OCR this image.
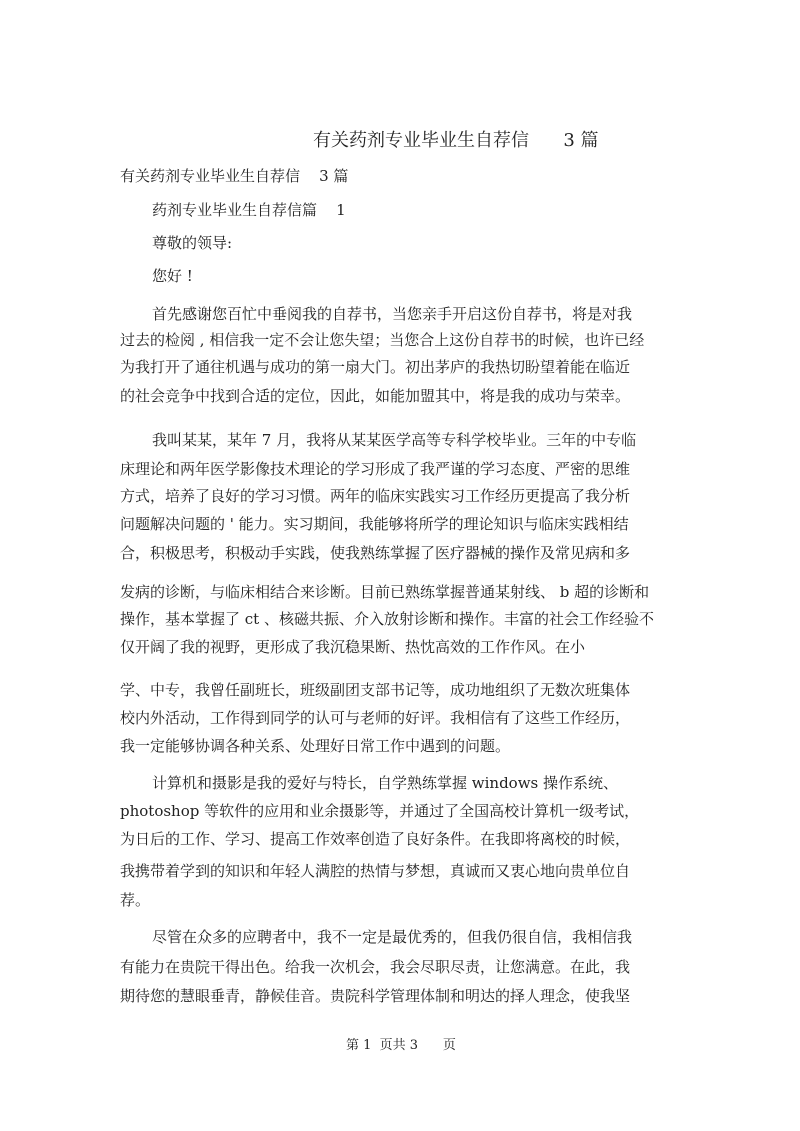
有关药剂专业毕业生自荐信      3 篇
有关药剂专业毕业生自荐信    3 篇
药剂专业毕业生自荐信篇    1
尊敬的领导:
您好 !
首先感谢您百忙中垂阅我的自荐书，当您亲手开启这份自荐书，将是对我
过去的检阅 , 相信我一定不会让您失望；当您合上这份自荐书的时候，也许已经
为我打开了通往机遇与成功的第一扇大门。初出茅庐的我热切盼望着能在临近
的社会竞争中找到合适的定位，因此，如能加盟其中，将是我的成功与荣幸。
我叫某某，某年 7 月，我将从某某医学高等专科学校毕业。三年的中专临
床理论和两年医学影像技术理论的学习形成了我严谨的学习态度、严密的思维
方式，培养了良好的学习习惯。两年的临床实践实习工作经历更提高了我分析
问题解决问题的 ' 能力。实习期间，我能够将所学的理论知识与临床实践相结
合，积极思考，积极动手实践，使我熟练掌握了医疗器械的操作及常见病和多
发病的诊断，与临床相结合来诊断。目前已熟练掌握普通某射线、 b 超的诊断和
操作，基本掌握了 ct 、核磁共振、介入放射诊断和操作。丰富的社会工作经验不
仅开阔了我的视野，更形成了我沉稳果断、热忱高效的工作作风。在小
学、中专，我曾任副班长，班级副团支部书记等，成功地组织了无数次班集体
校内外活动，工作得到同学的认可与老师的好评。我相信有了这些工作经历，
我一定能够协调各种关系、处理好日常工作中遇到的问题。
计算机和摄影是我的爱好与特长，自学熟练掌握 windows 操作系统、
photoshop 等软件的应用和业余摄影等，并通过了全国高校计算机一级考试，
为日后的工作、学习、提高工作效率创造了良好条件。在我即将离校的时候，
我携带着学到的知识和年轻人满腔的热情与梦想，真诚而又衷心地向贵单位自
荐。
尽管在众多的应聘者中，我不一定是最优秀的，但我仍很自信，我相信我
有能力在贵院干得出色。给我一次机会，我会尽职尽责，让您满意。在此，我
期待您的慧眼垂青，静候佳音。贵院科学管理体制和明达的择人理念，使我坚
第 1  页共 3      页
